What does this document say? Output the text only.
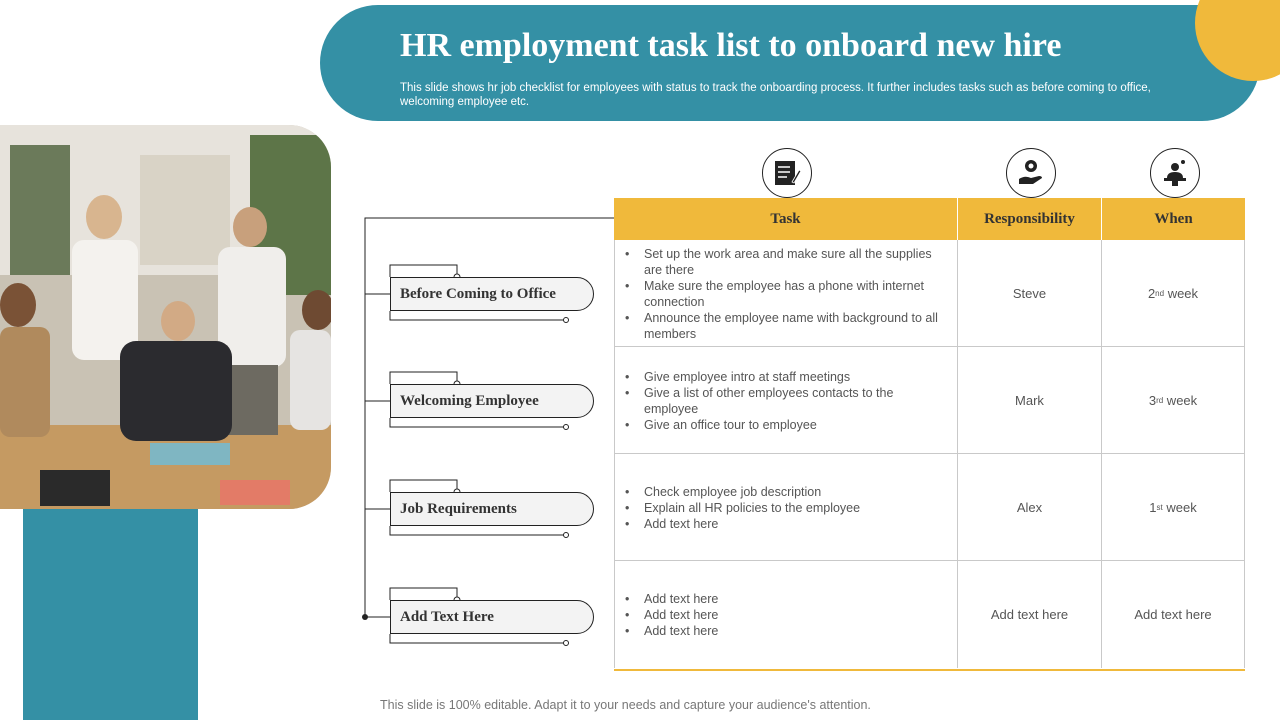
HR employment task list to onboard new hire
This slide shows hr job checklist for employees with status to track the onboarding process. It further includes tasks such as before coming to office, welcoming employee etc.
Before Coming to Office
Welcoming Employee
Job Requirements
Add Text Here
Task	Responsibility	When
• Set up the work area and make sure all the supplies are there
• Make sure the employee has a phone with internet connection
• Announce the employee name with background to all members
Steve	2 nd week
• Give employee intro at staff meetings
• Give a list of other employees contacts to the employee
• Give an office tour to employee
Mark	3 rd week
• Check employee job description
• Explain all HR policies to the employee
• Add text here
Alex	1 st week
• Add text here
• Add text here
• Add text here
Add text here	Add text here
This slide is 100% editable. Adapt it to your needs and capture your audience's attention.
